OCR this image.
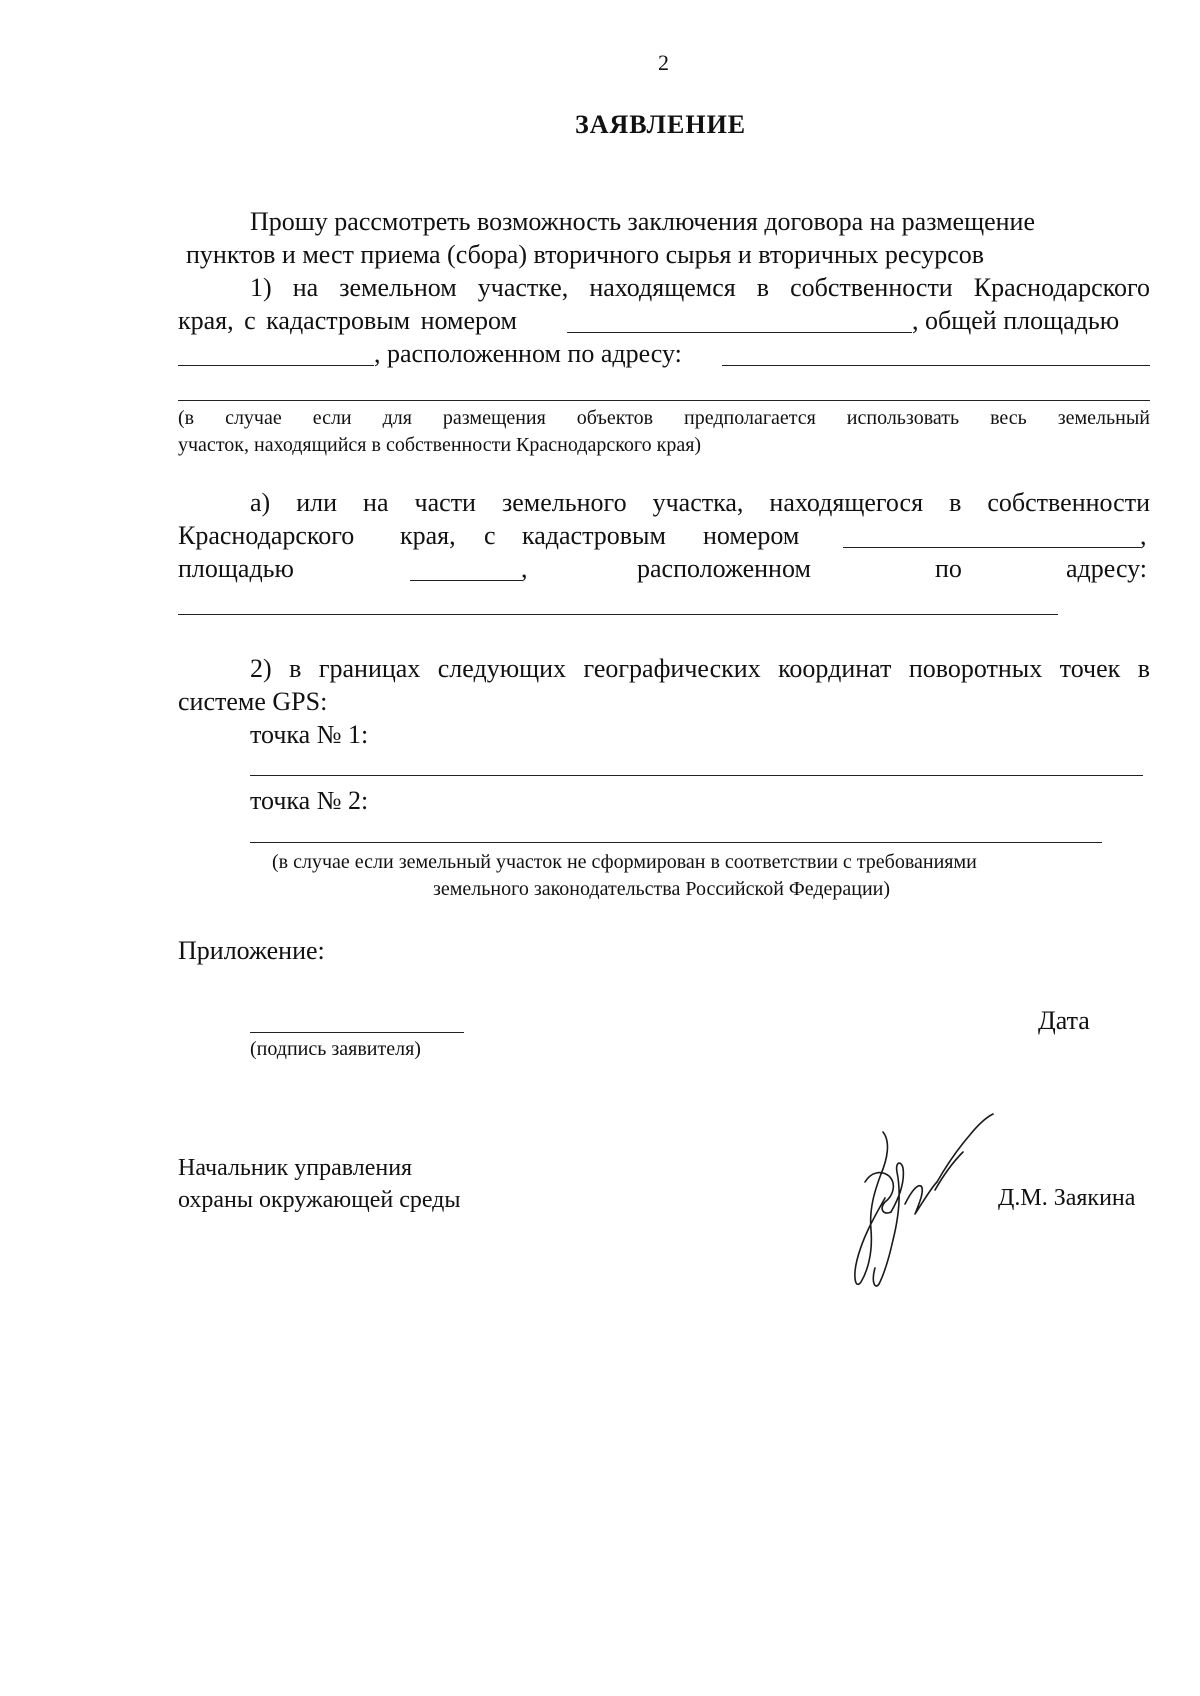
2
ЗАЯВЛЕНИЕ
Прошу рассмотреть возможность заключения договора на размещение
пунктов и мест приема (сбора) вторичного сырья и вторичных ресурсов
1) на земельном участке, находящемся в собственности Краснодарского
края, с кадастровым номером	, общей площадью
, расположенном по адресу:
(в случае если для размещения объектов предполагается использовать весь земельный
участок, находящийся в собственности Краснодарского края)
а) или на части земельного участка, находящегося в собственности
Краснодарского края, с кадастровым номером	,
площадью	,	расположенном	по	адресу:
2) в границах следующих географических координат поворотных точек в
системе GPS:
точка № 1:
точка № 2:
(в случае если земельный участок не сформирован в соответствии с требованиями
земельного законодательства Российской Федерации)
Приложение:
(подпись заявителя)
Дата
Начальник управления
охраны окружающей среды	Д.М. Заякина
